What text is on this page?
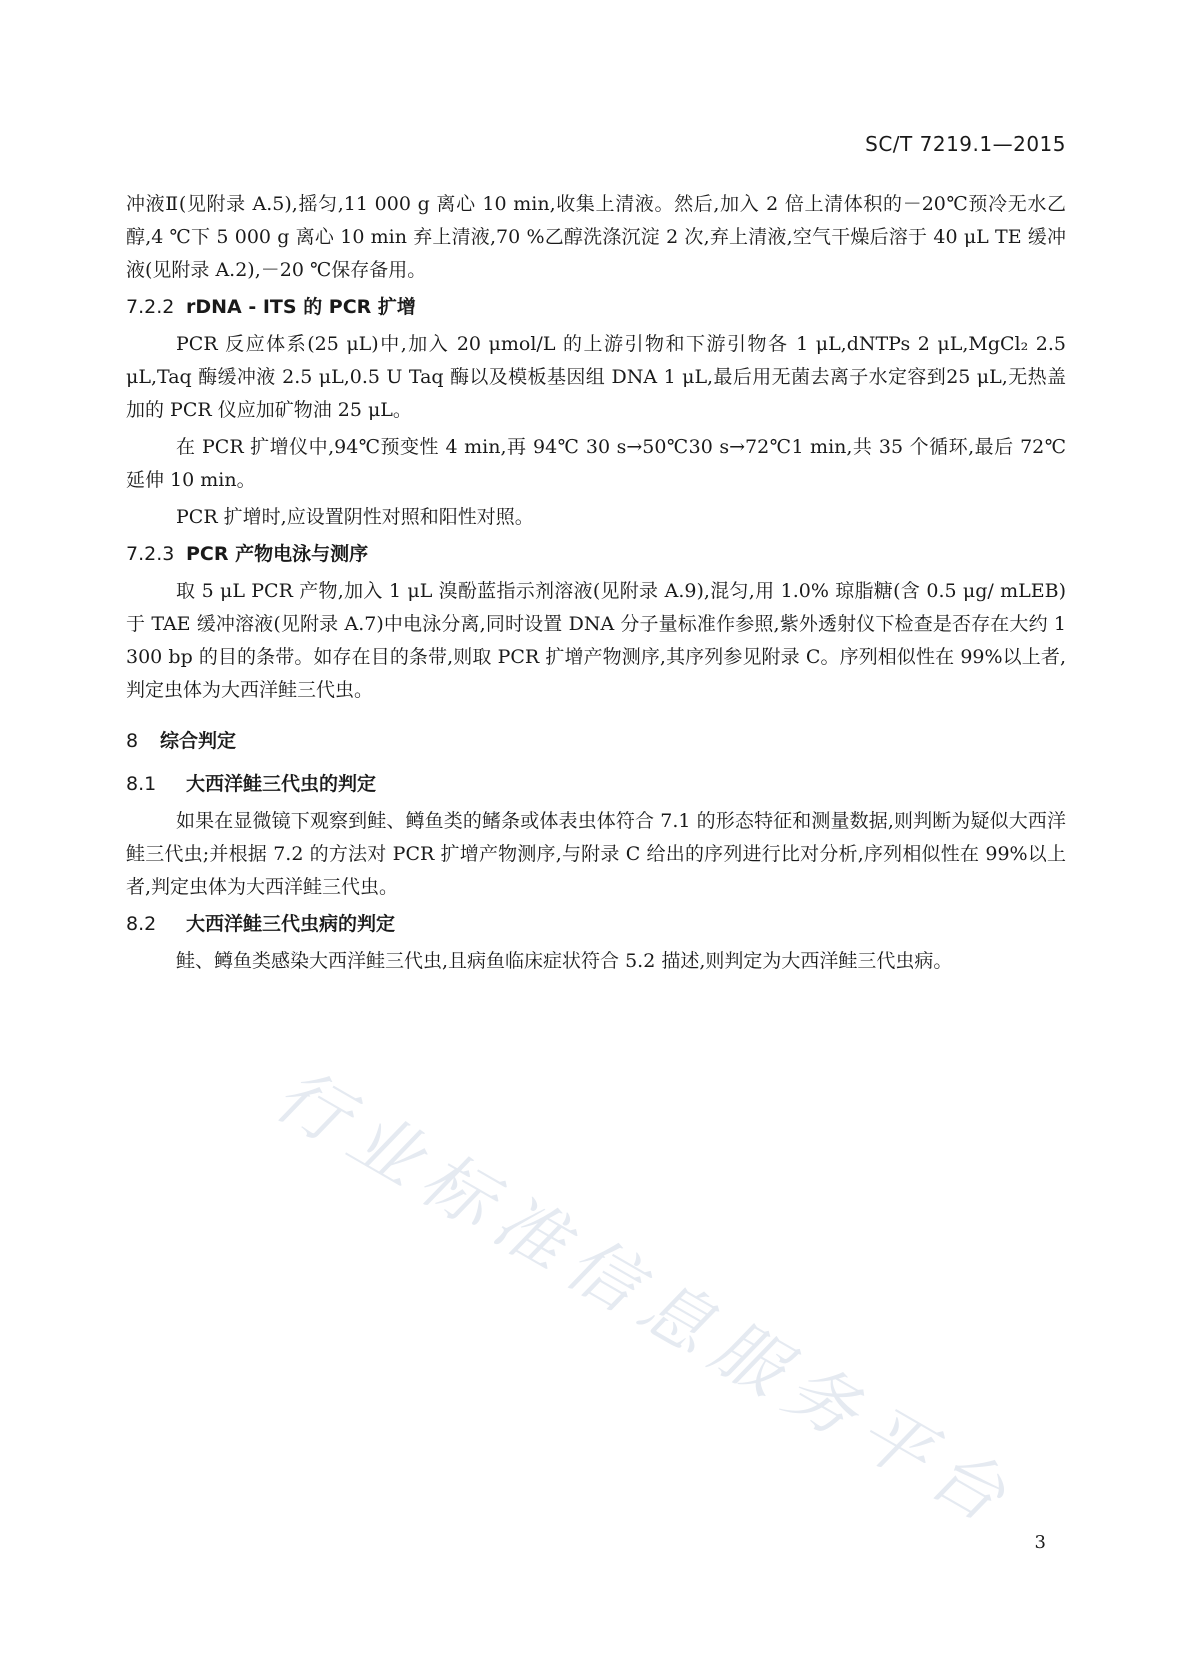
SC/T 7219.1—2015

冲液Ⅱ(见附录 A.5),摇匀,11 000 g 离心 10 min,收集上清液。然后,加入 2 倍上清体积的－20℃预冷无水乙醇,4 ℃下 5 000 g 离心 10 min 弃上清液,70 %乙醇洗涤沉淀 2 次,弃上清液,空气干燥后溶于 40 μL TE 缓冲液(见附录 A.2),－20 ℃保存备用。

7.2.2 rDNA - ITS 的 PCR 扩增

PCR 反应体系(25 μL)中,加入 20 μmol/L 的上游引物和下游引物各 1 μL,dNTPs 2 μL,MgCl₂ 2.5 μL,Taq 酶缓冲液 2.5 μL,0.5 U Taq 酶以及模板基因组 DNA 1 μL,最后用无菌去离子水定容到25 μL,无热盖加的 PCR 仪应加矿物油 25 μL。

在 PCR 扩增仪中,94℃预变性 4 min,再 94℃ 30 s→50℃30 s→72℃1 min,共 35 个循环,最后 72℃延伸 10 min。

PCR 扩增时,应设置阴性对照和阳性对照。

7.2.3 PCR 产物电泳与测序

取 5 μL PCR 产物,加入 1 μL 溴酚蓝指示剂溶液(见附录 A.9),混匀,用 1.0% 琼脂糖(含 0.5 μg/ mLEB)于 TAE 缓冲溶液(见附录 A.7)中电泳分离,同时设置 DNA 分子量标准作参照,紫外透射仪下检查是否存在大约 1 300 bp 的目的条带。如存在目的条带,则取 PCR 扩增产物测序,其序列参见附录 C。序列相似性在 99%以上者,判定虫体为大西洋鲑三代虫。

8 综合判定
8.1 大西洋鲑三代虫的判定

如果在显微镜下观察到鲑、鳟鱼类的鳍条或体表虫体符合 7.1 的形态特征和测量数据,则判断为疑似大西洋鲑三代虫;并根据 7.2 的方法对 PCR 扩增产物测序,与附录 C 给出的序列进行比对分析,序列相似性在 99%以上者,判定虫体为大西洋鲑三代虫。

8.2 大西洋鲑三代虫病的判定

鲑、鳟鱼类感染大西洋鲑三代虫,且病鱼临床症状符合 5.2 描述,则判定为大西洋鲑三代虫病。

行业标准信息服务平台 3
